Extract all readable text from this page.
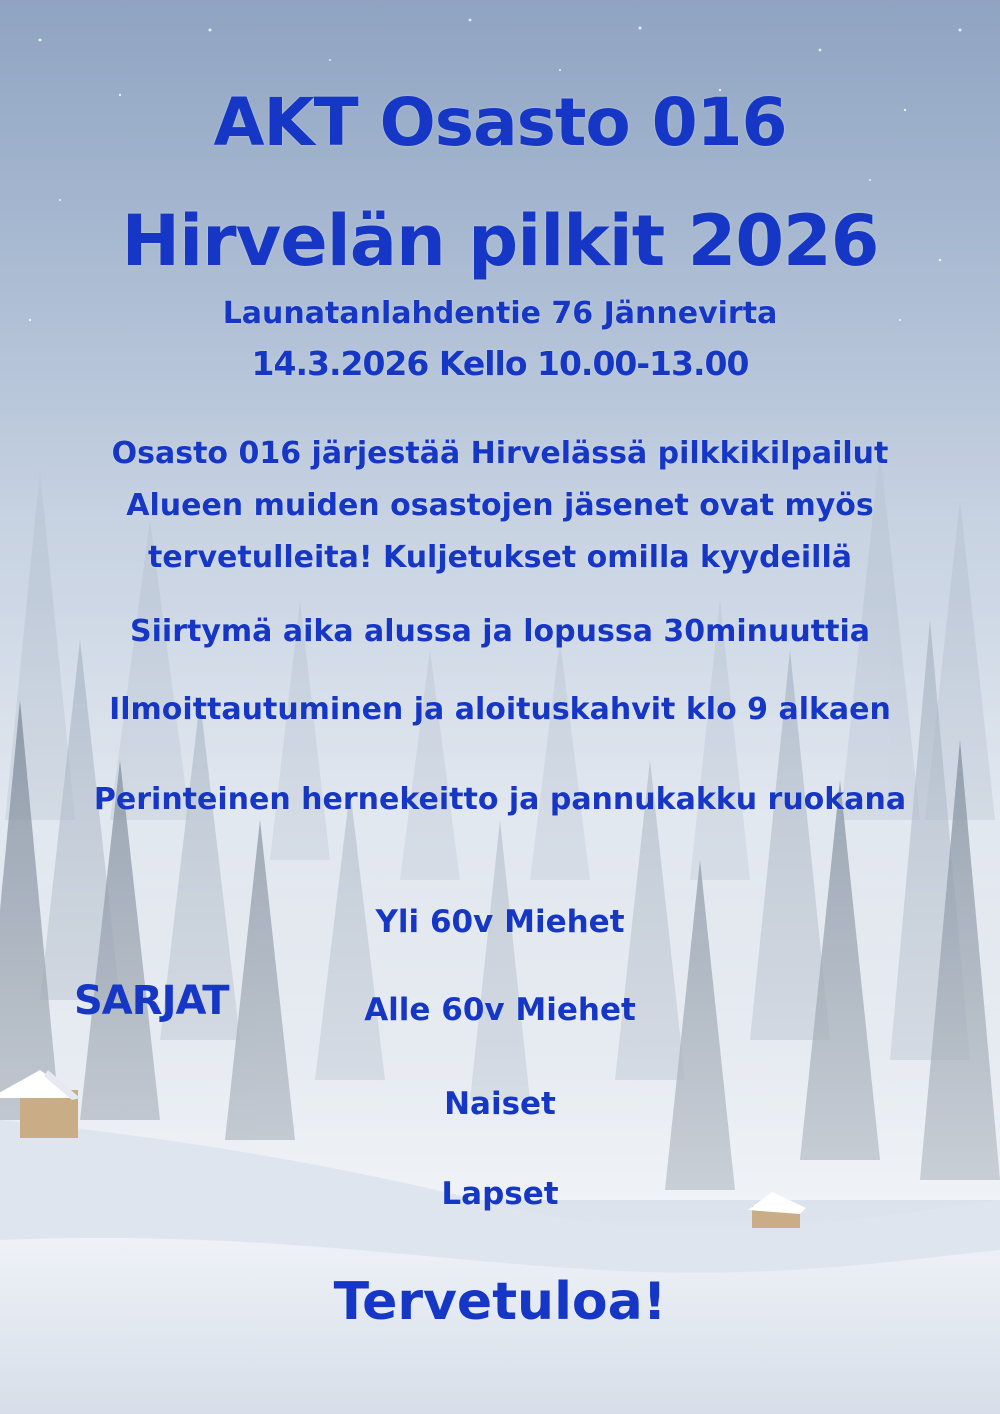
AKT Osasto 016
Hirvelän pilkit 2026
Launatanlahdentie 76 Jännevirta
14.3.2026 Kello 10.00-13.00
Osasto 016 järjestää Hirvelässä pilkkikilpailut
Alueen muiden osastojen jäsenet ovat myös
tervetulleita! Kuljetukset omilla kyydeillä
Siirtymä aika alussa ja lopussa 30minuuttia
Ilmoittautuminen ja aloituskahvit klo 9 alkaen
Perinteinen hernekeitto ja pannukakku ruokana
SARJAT
Yli 60v Miehet
Alle 60v Miehet
Naiset
Lapset
Tervetuloa!
